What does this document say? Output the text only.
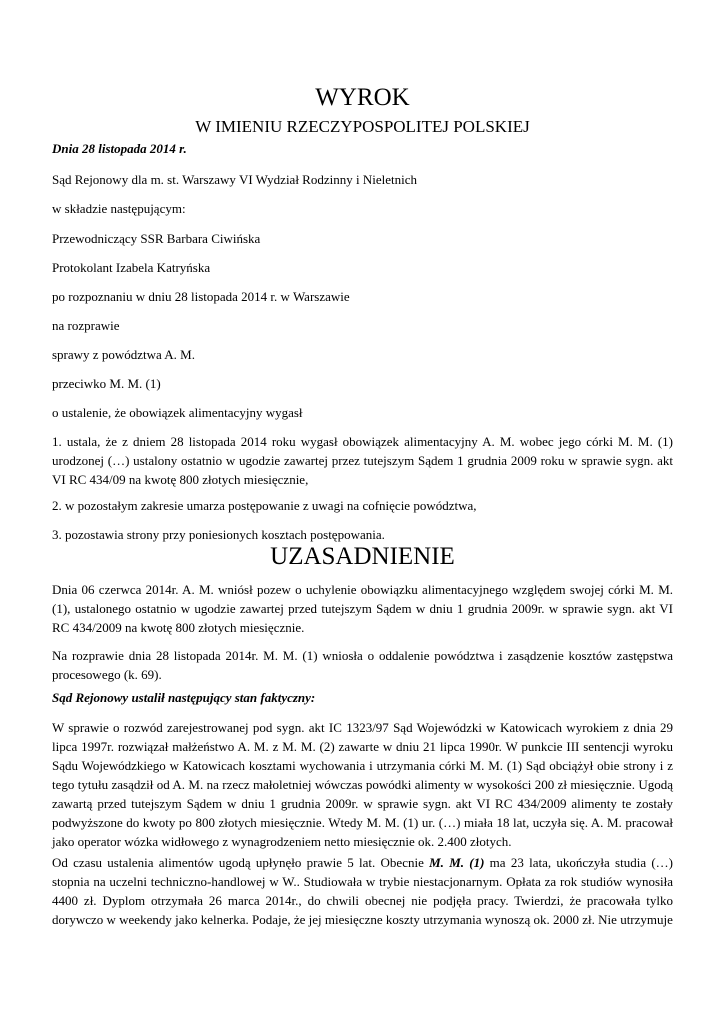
WYROK
W IMIENIU RZECZYPOSPOLITEJ POLSKIEJ
Dnia 28 listopada 2014 r.
Sąd Rejonowy dla m. st. Warszawy VI Wydział Rodzinny i Nieletnich
w składzie następującym:
Przewodniczący SSR Barbara Ciwińska
Protokolant Izabela Katryńska
po rozpoznaniu w dniu 28 listopada 2014 r. w Warszawie
na rozprawie
sprawy z powództwa A. M.
przeciwko M. M. (1)
o ustalenie, że obowiązek alimentacyjny wygasł
1. ustala, że z dniem 28 listopada 2014 roku wygasł obowiązek alimentacyjny A. M. wobec jego córki M. M. (1) urodzonej (…) ustalony ostatnio w ugodzie zawartej przez tutejszym Sądem 1 grudnia 2009 roku w sprawie sygn. akt VI RC 434/09 na kwotę 800 złotych miesięcznie,
2. w pozostałym zakresie umarza postępowanie z uwagi na cofnięcie powództwa,
3. pozostawia strony przy poniesionych kosztach postępowania.
UZASADNIENIE
Dnia 06 czerwca 2014r. A. M. wniósł pozew o uchylenie obowiązku alimentacyjnego względem swojej córki M. M. (1), ustalonego ostatnio w ugodzie zawartej przed tutejszym Sądem w dniu 1 grudnia 2009r. w sprawie sygn. akt VI RC 434/2009 na kwotę 800 złotych miesięcznie.
Na rozprawie dnia 28 listopada 2014r. M. M. (1) wniosła o oddalenie powództwa i zasądzenie kosztów zastępstwa procesowego (k. 69).
Sąd Rejonowy ustalił następujący stan faktyczny:
W sprawie o rozwód zarejestrowanej pod sygn. akt IC 1323/97 Sąd Wojewódzki w Katowicach wyrokiem z dnia 29 lipca 1997r. rozwiązał małżeństwo A. M. z M. M. (2) zawarte w dniu 21 lipca 1990r. W punkcie III sentencji wyroku Sądu Wojewódzkiego w Katowicach kosztami wychowania i utrzymania córki M. M. (1) Sąd obciążył obie strony i z tego tytułu zasądził od A. M. na rzecz małoletniej wówczas powódki alimenty w wysokości 200 zł miesięcznie. Ugodą zawartą przed tutejszym Sądem w dniu 1 grudnia 2009r. w sprawie sygn. akt VI RC 434/2009 alimenty te zostały podwyższone do kwoty po 800 złotych miesięcznie. Wtedy M. M. (1) ur. (…) miała 18 lat, uczyła się. A. M. pracował jako operator wózka widłowego z wynagrodzeniem netto miesięcznie ok. 2.400 złotych.
Od czasu ustalenia alimentów ugodą upłynęło prawie 5 lat. Obecnie M. M. (1) ma 23 lata, ukończyła studia (…) stopnia na uczelni techniczno-handlowej w W.. Studiowała w trybie niestacjonarnym. Opłata za rok studiów wynosiła 4400 zł. Dyplom otrzymała 26 marca 2014r., do chwili obecnej nie podjęła pracy. Twierdzi, że pracowała tylko dorywczo w weekendy jako kelnerka. Podaje, że jej miesięczne koszty utrzymania wynoszą ok. 2000 zł. Nie utrzymuje
